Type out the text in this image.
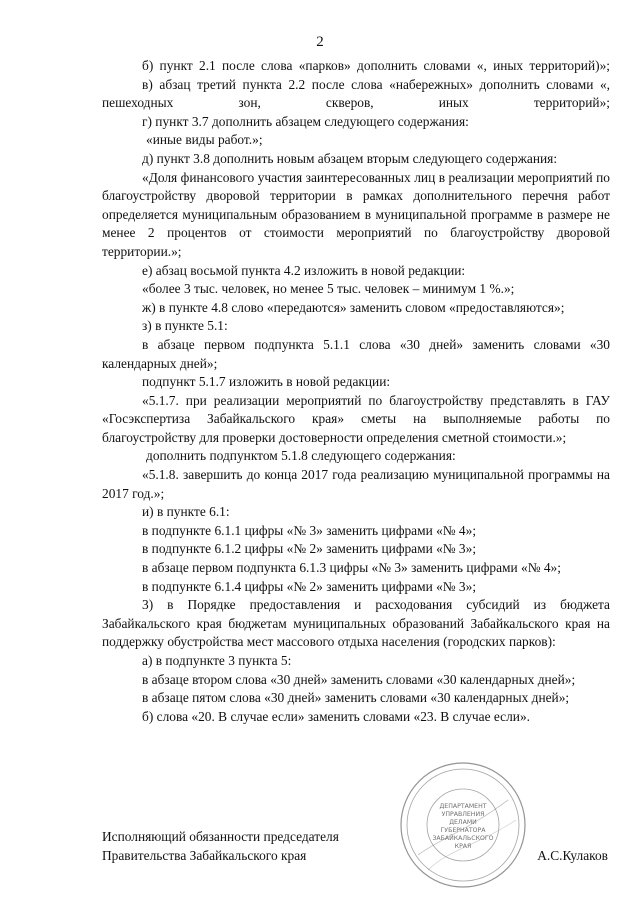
2

б) пункт 2.1 после слова «парков» дополнить словами «, иных территорий)»;

в) абзац третий пункта 2.2 после слова «набережных» дополнить словами «, пешеходных зон, скверов, иных территорий»;

г) пункт 3.7 дополнить абзацем следующего содержания:

«иные виды работ.»;

д) пункт 3.8 дополнить новым абзацем вторым следующего содержания:

«Доля финансового участия заинтересованных лиц в реализации мероприятий по благоустройству дворовой территории в рамках дополнительного перечня работ определяется муниципальным образованием в муниципальной программе в размере не менее 2 процентов от стоимости мероприятий по благоустройству дворовой территории.»;

е) абзац восьмой пункта 4.2 изложить в новой редакции:

«более 3 тыс. человек, но менее 5 тыс. человек – минимум 1 %.»;

ж) в пункте 4.8 слово «передаются» заменить словом «предоставляются»;

з) в пункте 5.1:

в абзаце первом подпункта 5.1.1 слова «30 дней» заменить словами «30 календарных дней»;

подпункт 5.1.7 изложить в новой редакции:

«5.1.7. при реализации мероприятий по благоустройству представлять в ГАУ «Госэкспертиза Забайкальского края» сметы на выполняемые работы по благоустройству для проверки достоверности определения сметной стоимости.»;

дополнить подпунктом 5.1.8 следующего содержания:

«5.1.8. завершить до конца 2017 года реализацию муниципальной программы на 2017 год.»;

и) в пункте 6.1:

в подпункте 6.1.1 цифры «№ 3» заменить цифрами «№ 4»;

в подпункте 6.1.2 цифры «№ 2» заменить цифрами «№ 3»;

в абзаце первом подпункта 6.1.3 цифры «№ 3» заменить цифрами «№ 4»;

в подпункте 6.1.4 цифры «№ 2» заменить цифрами «№ 3»;

3) в Порядке предоставления и расходования субсидий из бюджета Забайкальского края бюджетам муниципальных образований Забайкальского края на поддержку обустройства мест массового отдыха населения (городских парков):

а) в подпункте 3 пункта 5:

в абзаце втором слова «30 дней» заменить словами «30 календарных дней»;

в абзаце пятом слова «30 дней» заменить словами «30 календарных дней»;

б) слова «20. В случае если» заменить словами «23. В случае если».

ДЕПАРТАМЕНТ
УПРАВЛЕНИЯ
ДЕЛАМИ
ГУБЕРНАТОРА
ЗАБАЙКАЛЬСКОГО
КРАЯ
Исполняющий обязанности председателя
Правительства Забайкальского края	А.С.Кулаков
